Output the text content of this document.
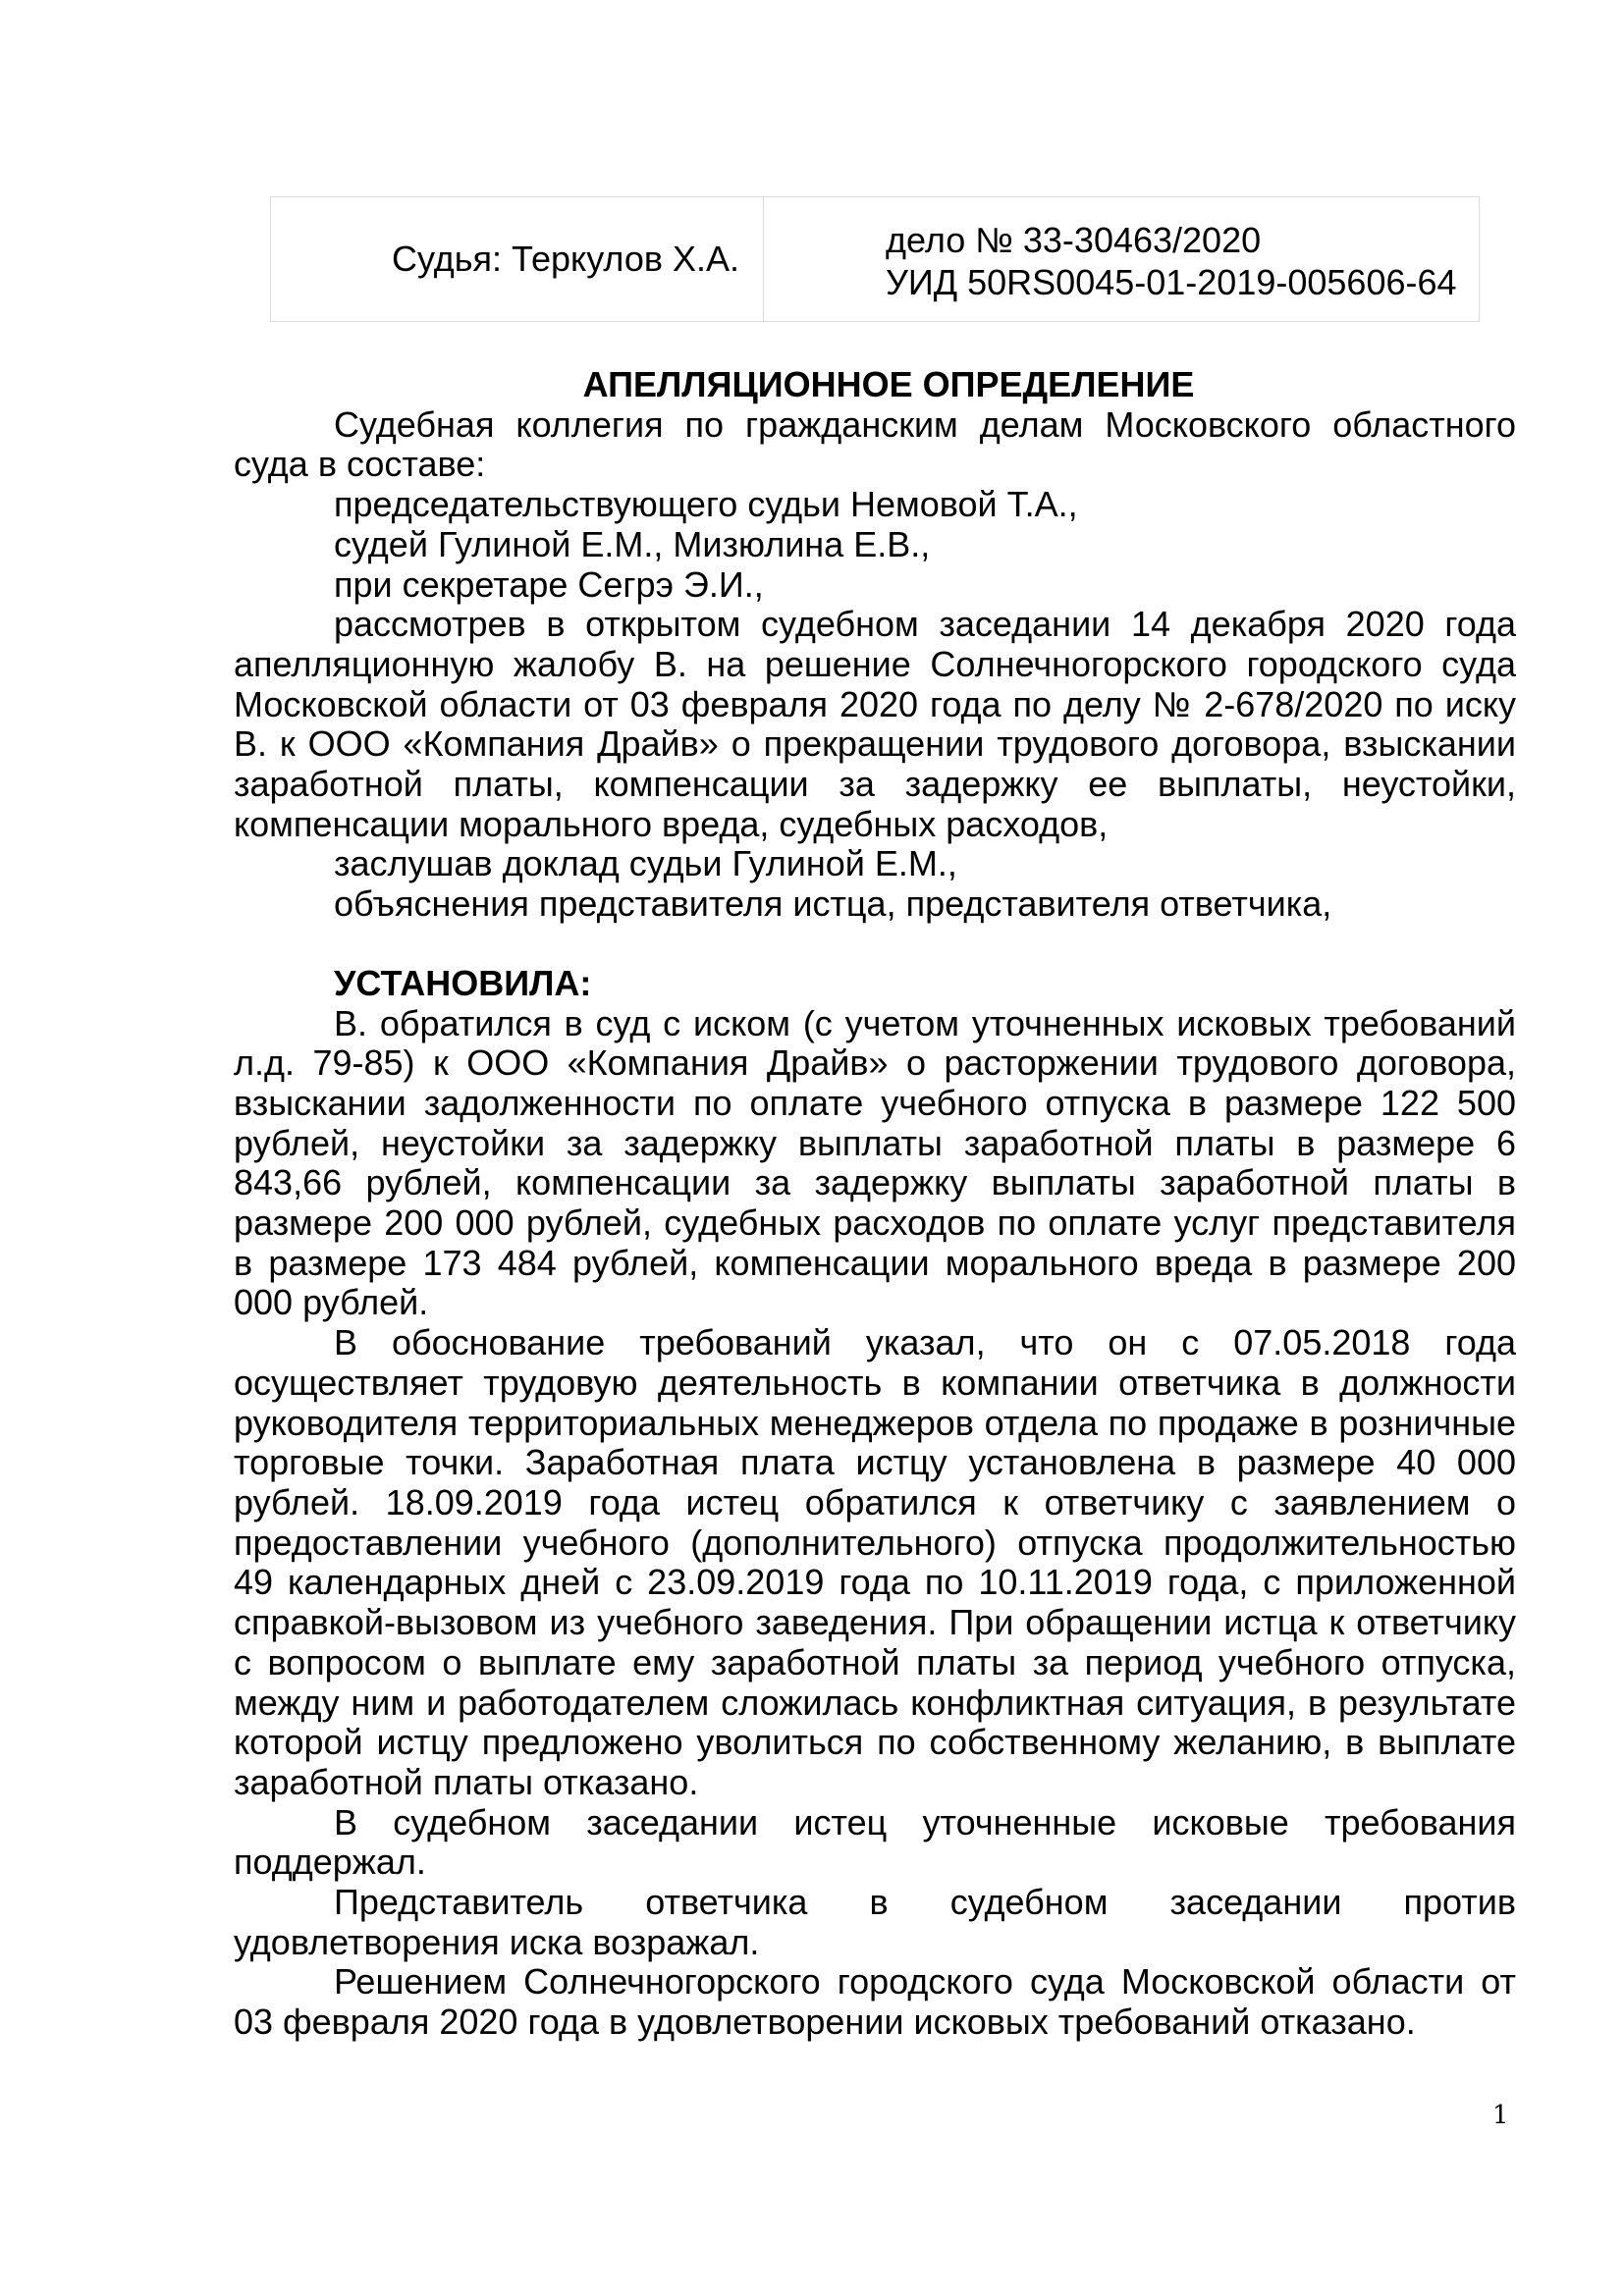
Судья: Теркулов Х.А.	дело № 33-30463/2020
УИД 50RS0045-01-2019-005606-64

АПЕЛЛЯЦИОННОЕ ОПРЕДЕЛЕНИЕ

Судебная коллегия по гражданским делам Московского областного суда в составе:

председательствующего судьи Немовой Т.А.,

судей Гулиной Е.М., Мизюлина Е.В.,

при секретаре Сегрэ Э.И.,

рассмотрев в открытом судебном заседании 14 декабря 2020 года апелляционную жалобу В. на решение Солнечногорского городского суда Московской области от 03 февраля 2020 года по делу № 2-678/2020 по иску В. к ООО «Компания Драйв» о прекращении трудового договора, взыскании заработной платы, компенсации за задержку ее выплаты, неустойки, компенсации морального вреда, судебных расходов,

заслушав доклад судьи Гулиной Е.М.,

объяснения представителя истца, представителя ответчика,

УСТАНОВИЛА:

В. обратился в суд с иском (с учетом уточненных исковых требований л.д. 79-85) к ООО «Компания Драйв» о расторжении трудового договора, взыскании задолженности по оплате учебного отпуска в размере 122 500 рублей, неустойки за задержку выплаты заработной платы в размере 6 843,66 рублей, компенсации за задержку выплаты заработной платы в размере 200 000 рублей, судебных расходов по оплате услуг представителя в размере 173 484 рублей, компенсации морального вреда в размере 200 000 рублей.

В обоснование требований указал, что он с 07.05.2018 года осуществляет трудовую деятельность в компании ответчика в должности руководителя территориальных менеджеров отдела по продаже в розничные торговые точки. Заработная плата истцу установлена в размере 40 000 рублей. 18.09.2019 года истец обратился к ответчику с заявлением о предоставлении учебного (дополнительного) отпуска продолжительностью 49 календарных дней с 23.09.2019 года по 10.11.2019 года, с приложенной справкой-вызовом из учебного заведения. При обращении истца к ответчику с вопросом о выплате ему заработной платы за период учебного отпуска, между ним и работодателем сложилась конфликтная ситуация, в результате которой истцу предложено уволиться по собственному желанию, в выплате заработной платы отказано.

В судебном заседании истец уточненные исковые требования поддержал.

Представитель ответчика в судебном заседании против удовлетворения иска возражал.

Решением Солнечногорского городского суда Московской области от 03 февраля 2020 года в удовлетворении исковых требований отказано.

1
